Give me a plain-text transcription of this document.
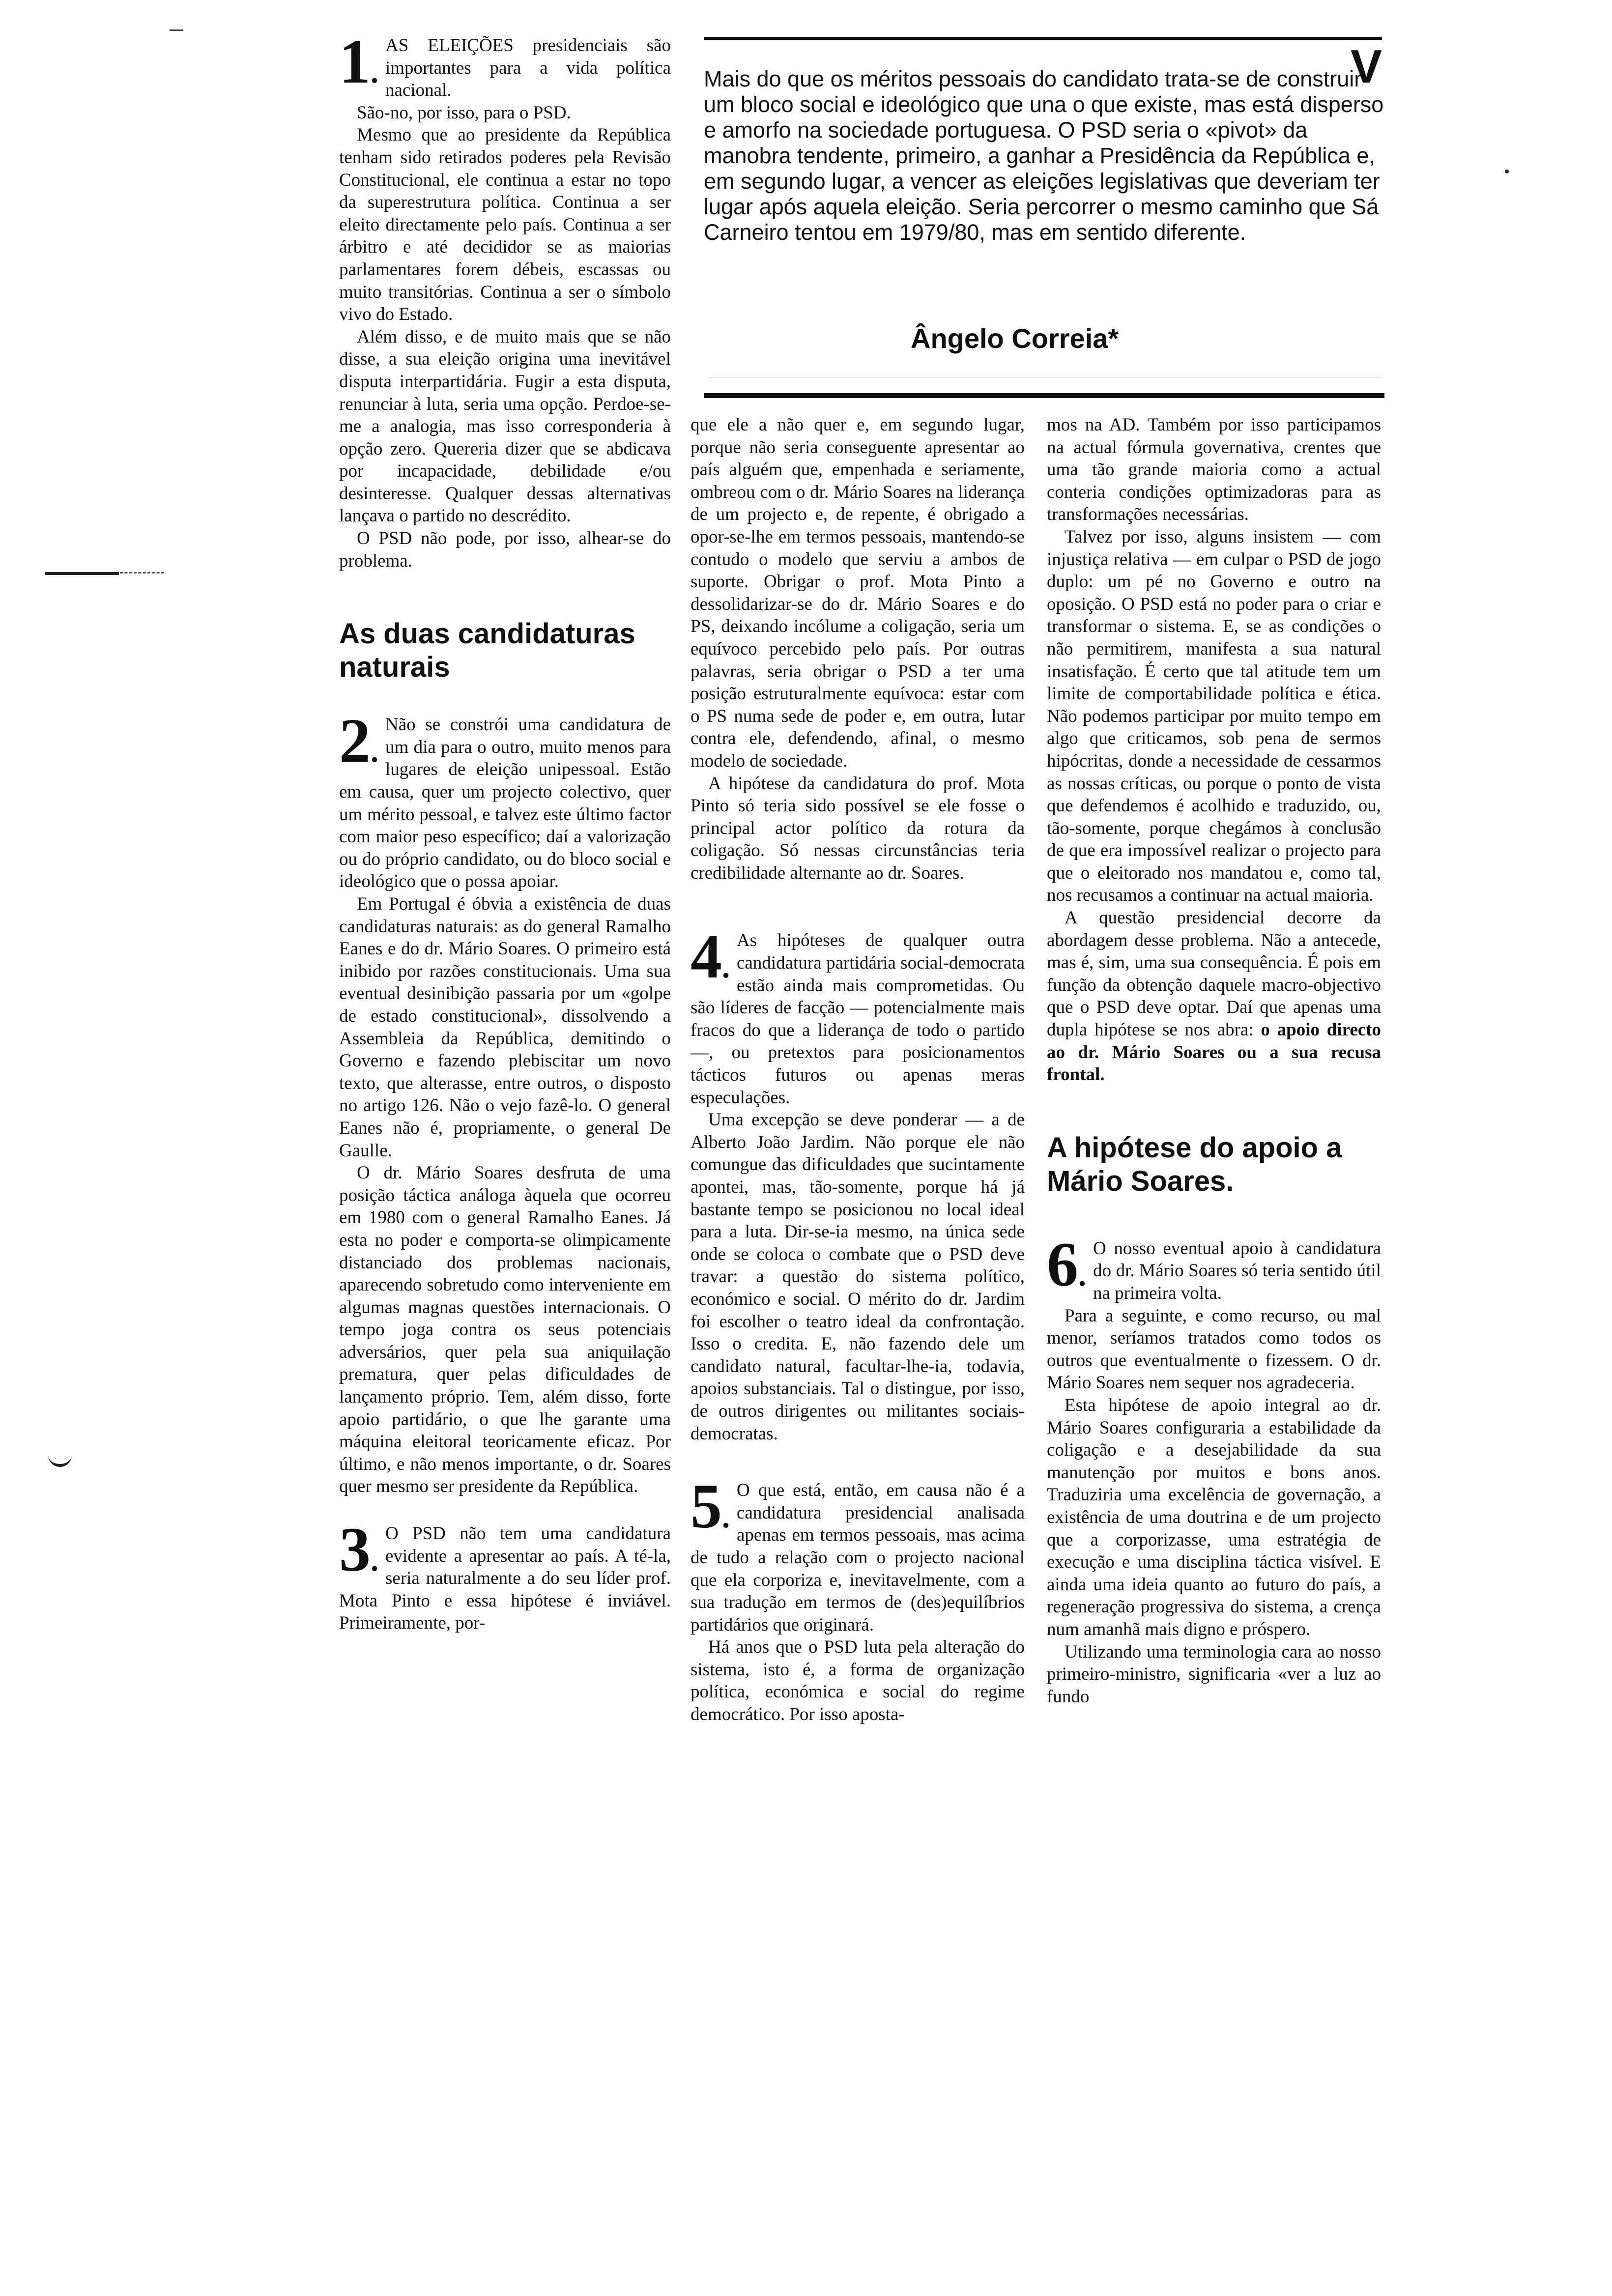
V
Mais do que os méritos pessoais do candidato trata-se de construir um bloco social e ideológico que una o que existe, mas está disperso e amorfo na sociedade portuguesa. O PSD seria o «pivot» da manobra tendente, primeiro, a ganhar a Presidência da República e, em segundo lugar, a vencer as eleições legislativas que deveriam ter lugar após aquela eleição. Seria percorrer o mesmo caminho que Sá Carneiro tentou em 1979/80, mas em sentido diferente.
Ângelo Correia*

1.
AS ELEIÇÕES presidenciais são importantes para a vida política nacional.

São-no, por isso, para o PSD.

Mesmo que ao presidente da República tenham sido retirados poderes pela Revisão Constitucional, ele continua a estar no topo da superestrutura política. Continua a ser eleito directamente pelo país. Continua a ser árbitro e até decididor se as maiorias parlamentares forem débeis, escassas ou muito transitórias. Continua a ser o símbolo vivo do Estado.

Além disso, e de muito mais que se não disse, a sua eleição origina uma inevitável disputa interpartidária. Fugir a esta disputa, renunciar à luta, seria uma opção. Perdoe-se-me a analogia, mas isso corresponderia à opção zero. Quereria dizer que se abdicava por incapacidade, debilidade e/ou desinteresse. Qualquer dessas alternativas lançava o partido no descrédito.

O PSD não pode, por isso, alhear-se do problema.

As duas candidaturas naturais

2.
Não se constrói uma candidatura de um dia para o outro, muito menos para lugares de eleição unipessoal. Estão em causa, quer um projecto colectivo, quer um mérito pessoal, e talvez este último factor com maior peso específico; daí a valorização ou do próprio candidato, ou do bloco social e ideológico que o possa apoiar.

Em Portugal é óbvia a existência de duas candidaturas naturais: as do general Ramalho Eanes e do dr. Mário Soares. O primeiro está inibido por razões constitucionais. Uma sua eventual desinibição passaria por um «golpe de estado constitucional», dissolvendo a Assembleia da República, demitindo o Governo e fazendo plebiscitar um novo texto, que alterasse, entre outros, o disposto no artigo 126. Não o vejo fazê-lo. O general Eanes não é, propriamente, o general De Gaulle.

O dr. Mário Soares desfruta de uma posição táctica análoga àquela que ocorreu em 1980 com o general Ramalho Eanes. Já esta no poder e comporta-se olimpicamente distanciado dos problemas nacionais, aparecendo sobretudo como interveniente em algumas magnas questões internacionais. O tempo joga contra os seus potenciais adversários, quer pela sua aniquilação prematura, quer pelas dificuldades de lançamento próprio. Tem, além disso, forte apoio partidário, o que lhe garante uma máquina eleitoral teoricamente eficaz. Por último, e não menos importante, o dr. Soares quer mesmo ser presidente da República.

3.
O PSD não tem uma candidatura evidente a apresentar ao país. A té-la, seria naturalmente a do seu líder prof. Mota Pinto e essa hipótese é inviável. Primeiramente, por-

que ele a não quer e, em segundo lugar, porque não seria conseguente apresentar ao país alguém que, empenhada e seriamente, ombreou com o dr. Mário Soares na liderança de um projecto e, de repente, é obrigado a opor-se-lhe em termos pessoais, mantendo-se contudo o modelo que serviu a ambos de suporte. Obrigar o prof. Mota Pinto a dessolidarizar-se do dr. Mário Soares e do PS, deixando incólume a coligação, seria um equívoco percebido pelo país. Por outras palavras, seria obrigar o PSD a ter uma posição estruturalmente equívoca: estar com o PS numa sede de poder e, em outra, lutar contra ele, defendendo, afinal, o mesmo modelo de sociedade.

A hipótese da candidatura do prof. Mota Pinto só teria sido possível se ele fosse o principal actor político da rotura da coligação. Só nessas circunstâncias teria credibilidade alternante ao dr. Soares.

4.
As hipóteses de qualquer outra candidatura partidária social-democrata estão ainda mais comprometidas. Ou são líderes de facção — potencialmente mais fracos do que a liderança de todo o partido —, ou pretextos para posicionamentos tácticos futuros ou apenas meras especulações.

Uma excepção se deve ponderar — a de Alberto João Jardim. Não porque ele não comungue das dificuldades que sucintamente apontei, mas, tão-somente, porque há já bastante tempo se posicionou no local ideal para a luta. Dir-se-ia mesmo, na única sede onde se coloca o combate que o PSD deve travar: a questão do sistema político, económico e social. O mérito do dr. Jardim foi escolher o teatro ideal da confrontação. Isso o credita. E, não fazendo dele um candidato natural, facultar-lhe-ia, todavia, apoios substanciais. Tal o distingue, por isso, de outros dirigentes ou militantes sociais-democratas.

5.
O que está, então, em causa não é a candidatura presidencial analisada apenas em termos pessoais, mas acima de tudo a relação com o projecto nacional que ela corporiza e, inevitavelmente, com a sua tradução em termos de (des)equilíbrios partidários que originará.

Há anos que o PSD luta pela alteração do sistema, isto é, a forma de organização política, económica e social do regime democrático. Por isso aposta-

mos na AD. Também por isso participamos na actual fórmula governativa, crentes que uma tão grande maioria como a actual conteria condições optimizadoras para as transformações necessárias.

Talvez por isso, alguns insistem — com injustiça relativa — em culpar o PSD de jogo duplo: um pé no Governo e outro na oposição. O PSD está no poder para o criar e transformar o sistema. E, se as condições o não permitirem, manifesta a sua natural insatisfação. É certo que tal atitude tem um limite de comportabilidade política e ética. Não podemos participar por muito tempo em algo que criticamos, sob pena de sermos hipócritas, donde a necessidade de cessarmos as nossas críticas, ou porque o ponto de vista que defendemos é acolhido e traduzido, ou, tão-somente, porque chegámos à conclusão de que era impossível realizar o projecto para que o eleitorado nos mandatou e, como tal, nos recusamos a continuar na actual maioria.

A questão presidencial decorre da abordagem desse problema. Não a antecede, mas é, sim, uma sua consequência. É pois em função da obtenção daquele macro-objectivo que o PSD deve optar. Daí que apenas uma dupla hipótese se nos abra: o apoio directo ao dr. Mário Soares ou a sua recusa frontal.

A hipótese do apoio a Mário Soares.

6.
O nosso eventual apoio à candidatura do dr. Mário Soares só teria sentido útil na primeira volta.

Para a seguinte, e como recurso, ou mal menor, seríamos tratados como todos os outros que eventualmente o fizessem. O dr. Mário Soares nem sequer nos agradeceria.

Esta hipótese de apoio integral ao dr. Mário Soares configuraria a estabilidade da coligação e a desejabilidade da sua manutenção por muitos e bons anos. Traduziria uma excelência de governação, a existência de uma doutrina e de um projecto que a corporizasse, uma estratégia de execução e uma disciplina táctica visível. E ainda uma ideia quanto ao futuro do país, a regeneração progressiva do sistema, a crença num amanhã mais digno e próspero.

Utilizando uma terminologia cara ao nosso primeiro-ministro, significaria «ver a luz ao fundo
